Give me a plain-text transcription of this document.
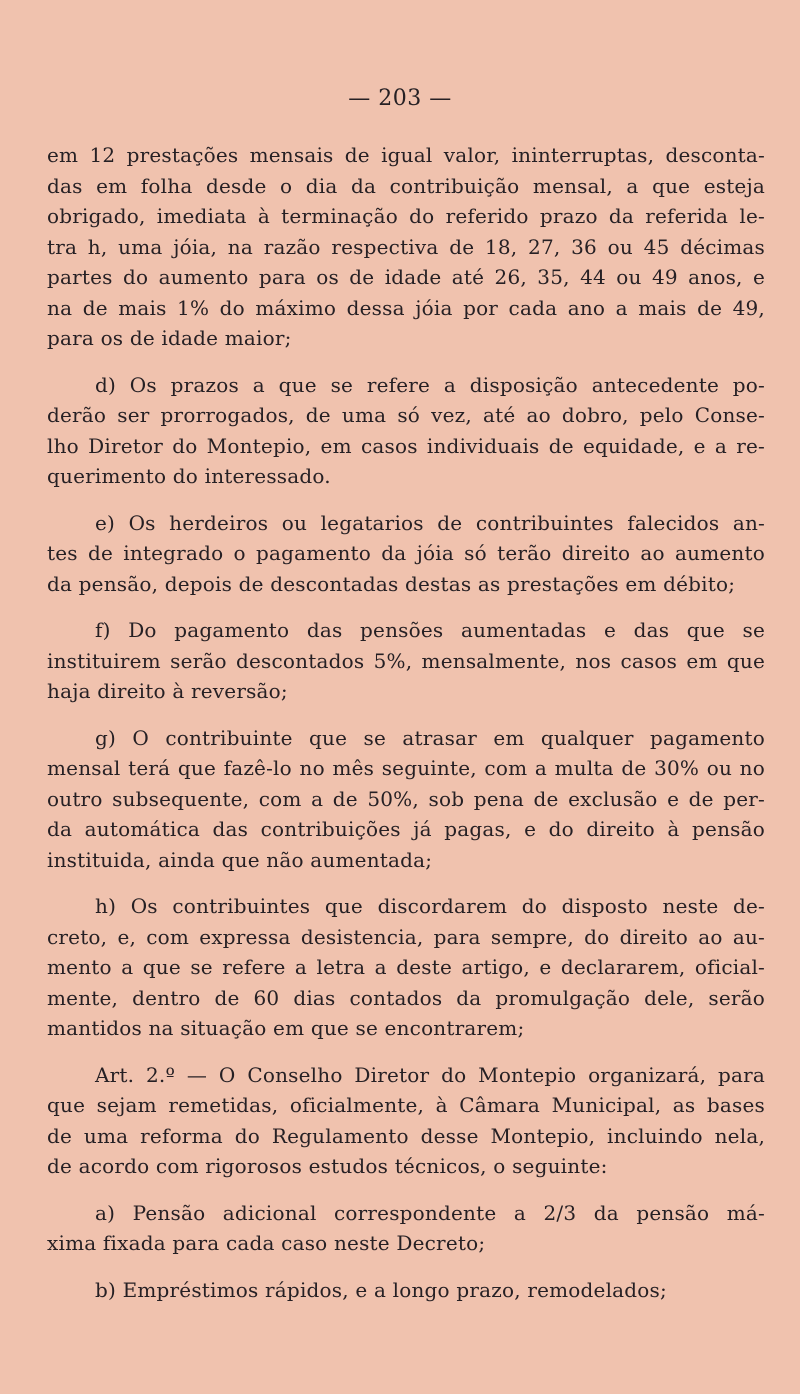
— 203 —
em 12 prestações mensais de igual valor, ininterruptas, desconta-
das em folha desde o dia da contribuição mensal, a que esteja
obrigado, imediata à terminação do referido prazo da referida le-
tra h, uma jóia, na razão respectiva de 18, 27, 36 ou 45 décimas
partes do aumento para os de idade até 26, 35, 44 ou 49 anos, e
na de mais 1% do máximo dessa jóia por cada ano a mais de 49,
para os de idade maior;
d) Os prazos a que se refere a disposição antecedente po-
derão ser prorrogados, de uma só vez, até ao dobro, pelo Conse-
lho Diretor do Montepio, em casos individuais de equidade, e a re-
querimento do interessado.
e) Os herdeiros ou legatarios de contribuintes falecidos an-
tes de integrado o pagamento da jóia só terão direito ao aumento
da pensão, depois de descontadas destas as prestações em débito;
f) Do pagamento das pensões aumentadas e das que se
instituirem serão descontados 5%, mensalmente, nos casos em que
haja direito à reversão;
g) O contribuinte que se atrasar em qualquer pagamento
mensal terá que fazê-lo no mês seguinte, com a multa de 30% ou no
outro subsequente, com a de 50%, sob pena de exclusão e de per-
da automática das contribuições já pagas, e do direito à pensão
instituida, ainda que não aumentada;
h) Os contribuintes que discordarem do disposto neste de-
creto, e, com expressa desistencia, para sempre, do direito ao au-
mento a que se refere a letra a deste artigo, e declararem, oficial-
mente, dentro de 60 dias contados da promulgação dele, serão
mantidos na situação em que se encontrarem;
Art. 2.º — O Conselho Diretor do Montepio organizará, para
que sejam remetidas, oficialmente, à Câmara Municipal, as bases
de uma reforma do Regulamento desse Montepio, incluindo nela,
de acordo com rigorosos estudos técnicos, o seguinte:
a) Pensão adicional correspondente a 2/3 da pensão má-
xima fixada para cada caso neste Decreto;
b) Empréstimos rápidos, e a longo prazo, remodelados;
